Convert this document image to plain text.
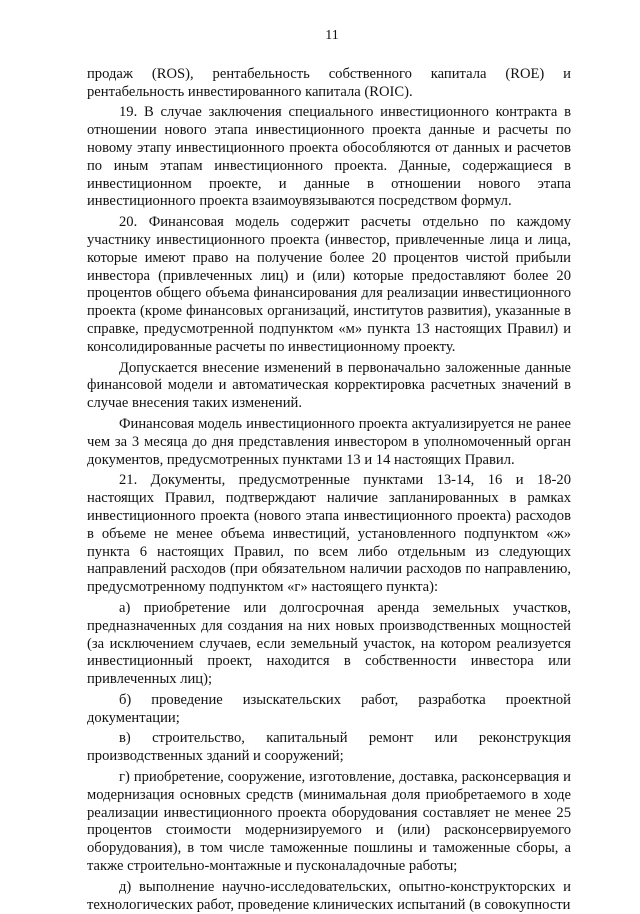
11

продаж (ROS), рентабельность собственного капитала (ROE) и рентабельность инвестированного капитала (ROIC).

19. В случае заключения специального инвестиционного контракта в отношении нового этапа инвестиционного проекта данные и расчеты по новому этапу инвестиционного проекта обособляются от данных и расчетов по иным этапам инвестиционного проекта. Данные, содержащиеся в инвестиционном проекте, и данные в отношении нового этапа инвестиционного проекта взаимоувязываются посредством формул.

20. Финансовая модель содержит расчеты отдельно по каждому участнику инвестиционного проекта (инвестор, привлеченные лица и лица, которые имеют право на получение более 20 процентов чистой прибыли инвестора (привлеченных лиц) и (или) которые предоставляют более 20 процентов общего объема финансирования для реализации инвестиционного проекта (кроме финансовых организаций, институтов развития), указанные в справке, предусмотренной подпунктом «м» пункта 13 настоящих Правил) и консолидированные расчеты по инвестиционному проекту.

Допускается внесение изменений в первоначально заложенные данные финансовой модели и автоматическая корректировка расчетных значений в случае внесения таких изменений.

Финансовая модель инвестиционного проекта актуализируется не ранее чем за 3 месяца до дня представления инвестором в уполномоченный орган документов, предусмотренных пунктами 13 и 14 настоящих Правил.

21. Документы, предусмотренные пунктами 13-14, 16 и 18-20 настоящих Правил, подтверждают наличие запланированных в рамках инвестиционного проекта (нового этапа инвестиционного проекта) расходов в объеме не менее объема инвестиций, установленного подпунктом «ж» пункта 6 настоящих Правил, по всем либо отдельным из следующих направлений расходов (при обязательном наличии расходов по направлению, предусмотренному подпунктом «г» настоящего пункта):

а) приобретение или долгосрочная аренда земельных участков, предназначенных для создания на них новых производственных мощностей (за исключением случаев, если земельный участок, на котором реализуется инвестиционный проект, находится в собственности инвестора или привлеченных лиц);

б) проведение изыскательских работ, разработка проектной документации;

в) строительство, капитальный ремонт или реконструкция производственных зданий и сооружений;

г) приобретение, сооружение, изготовление, доставка, расконсервация и модернизация основных средств (минимальная доля приобретаемого в ходе реализации инвестиционного проекта оборудования составляет не менее 25 процентов стоимости модернизируемого и (или) расконсервируемого оборудования), в том числе таможенные пошлины и таможенные сборы, а также строительно-монтажные и пусконаладочные работы;

д) выполнение научно-исследовательских, опытно-конструкторских и технологических работ, проведение клинических испытаний (в совокупности
